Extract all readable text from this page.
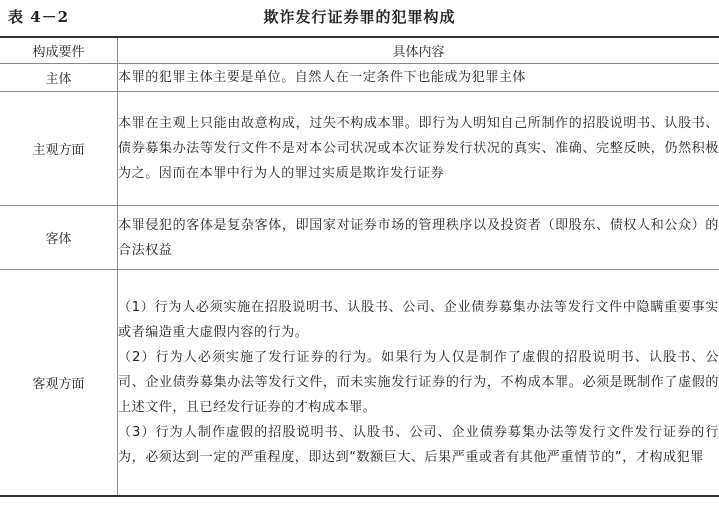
表 4－2	欺诈发行证券罪的犯罪构成
构成要件	具体内容
主体	本罪的犯罪主体主要是单位。自然人在一定条件下也能成为犯罪主体
主观方面	本罪在主观上只能由故意构成，过失不构成本罪。即行为人明知自己所制作的招股说明书、认股书、债券募集办法等发行文件不是对本公司状况或本次证券发行状况的真实、准确、完整反映，仍然积极为之。因而在本罪中行为人的罪过实质是欺诈发行证券
客体	本罪侵犯的客体是复杂客体，即国家对证券市场的管理秩序以及投资者（即股东、债权人和公众）的合法权益
客观方面	（1）行为人必须实施在招股说明书、认股书、公司、企业债券募集办法等发行文件中隐瞒重要事实或者编造重大虚假内容的行为。
（2）行为人必须实施了发行证券的行为。如果行为人仅是制作了虚假的招股说明书、认股书、公司、企业债券募集办法等发行文件，而未实施发行证券的行为，不构成本罪。必须是既制作了虚假的上述文件，且已经发行证券的才构成本罪。
（3）行为人制作虚假的招股说明书、认股书、公司、企业债券募集办法等发行文件发行证券的行为，必须达到一定的严重程度，即达到“数额巨大、后果严重或者有其他严重情节的”，才构成犯罪
